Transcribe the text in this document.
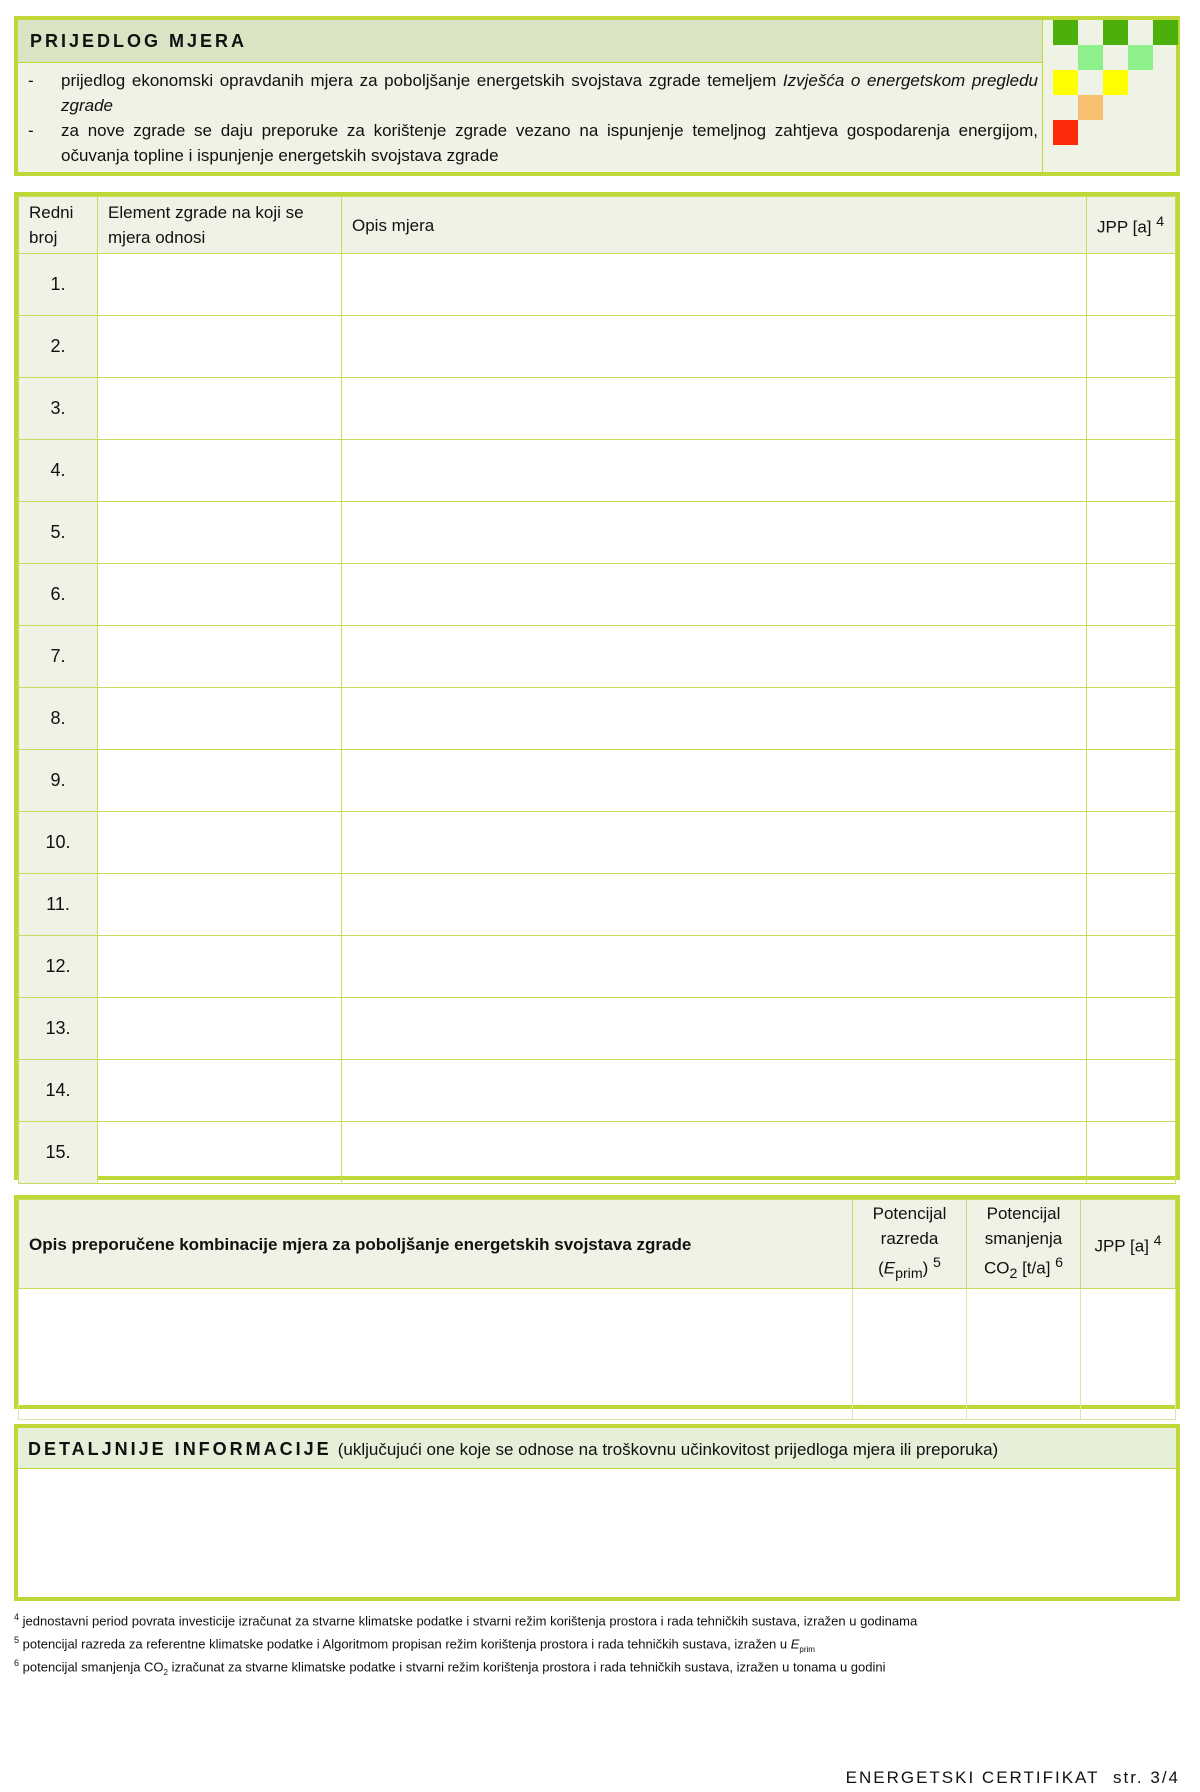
PRIJEDLOG MJERA
-	prijedlog ekonomski opravdanih mjera za poboljšanje energetskih svojstava zgrade temeljem Izvješća o energetskom pregledu zgrade
-	za nove zgrade se daju preporuke za korištenje zgrade vezano na ispunjenje temeljnog zahtjeva gospodarenja energijom, očuvanja topline i ispunjenje energetskih svojstava zgrade
Redni broj	Element zgrade na koji se mjera odnosi	Opis mjera	JPP [a] $^4$
1.			
2.			
3.			
4.			
5.			
6.			
7.			
8.			
9.			
10.			
11.			
12.			
13.			
14.			
15.			
Opis preporučene kombinacije mjera za poboljšanje energetskih svojstava zgrade	Potencijal razreda $(E_{prim})$ $^5$	Potencijal smanjenja $CO_2$ [t/a] $^6$	JPP [a] $^4$

DETALJNIJE INFORMACIJE (uključujući one koje se odnose na troškovnu učinkovitost prijedloga mjera ili preporuka)
$^4$ jednostavni period povrata investicije izračunat za stvarne klimatske podatke i stvarni režim korištenja prostora i rada tehničkih sustava, izražen u godinama
$^5$ potencijal razreda za referentne klimatske podatke i Algoritmom propisan režim korištenja prostora i rada tehničkih sustava, izražen u $E_{prim}$
$^6$ potencijal smanjenja $CO_2$ izračunat za stvarne klimatske podatke i stvarni režim korištenja prostora i rada tehničkih sustava, izražen u tonama u godini
ENERGETSKI CERTIFIKAT str. 3/4
